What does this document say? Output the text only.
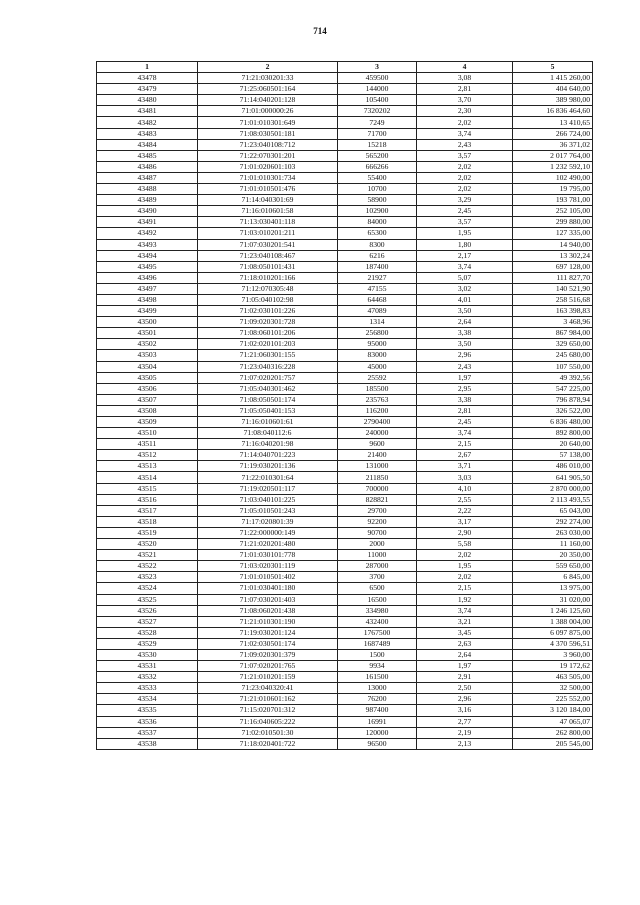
714
1	2	3	4	5
43478	71:21:030201:33	459500	3,08	1 415 260,00
43479	71:25:060501:164	144000	2,81	404 640,00
43480	71:14:040201:128	105400	3,70	389 980,00
43481	71:01:000000:26	7320202	2,30	16 836 464,60
43482	71:01:010301:649	7249	2,02	13 410,65
43483	71:08:030501:181	71700	3,74	266 724,00
43484	71:23:040108:712	15218	2,43	36 371,02
43485	71:22:070301:201	565200	3,57	2 017 764,00
43486	71:01:020601:103	666266	2,02	1 232 592,10
43487	71:01:010301:734	55400	2,02	102 490,00
43488	71:01:010501:476	10700	2,02	19 795,00
43489	71:14:040301:69	58900	3,29	193 781,00
43490	71:16:010601:58	102900	2,45	252 105,00
43491	71:13:030401:118	84000	3,57	299 880,00
43492	71:03:010201:211	65300	1,95	127 335,00
43493	71:07:030201:541	8300	1,80	14 940,00
43494	71:23:040108:467	6216	2,17	13 302,24
43495	71:08:050101:431	187400	3,74	697 128,00
43496	71:18:010201:166	21927	5,07	111 827,70
43497	71:12:070305:48	47155	3,02	140 521,90
43498	71:05:040102:98	64468	4,01	258 516,68
43499	71:02:030101:226	47089	3,50	163 398,83
43500	71:09:020301:728	1314	2,64	3 468,96
43501	71:08:060101:206	256800	3,38	867 984,00
43502	71:02:020101:203	95000	3,50	329 650,00
43503	71:21:060301:155	83000	2,96	245 680,00
43504	71:23:040316:228	45000	2,43	107 550,00
43505	71:07:020201:757	25592	1,97	49 392,56
43506	71:05:040301:462	185500	2,95	547 225,00
43507	71:08:050501:174	235763	3,38	796 878,94
43508	71:05:050401:153	116200	2,81	326 522,00
43509	71:16:010601:61	2790400	2,45	6 836 480,00
43510	71:08:040112:6	240000	3,74	892 800,00
43511	71:16:040201:98	9600	2,15	20 640,00
43512	71:14:040701:223	21400	2,67	57 138,00
43513	71:19:030201:136	131000	3,71	486 010,00
43514	71:22:010301:64	211850	3,03	641 905,50
43515	71:19:020501:117	700000	4,10	2 870 000,00
43516	71:03:040101:225	828821	2,55	2 113 493,55
43517	71:05:010501:243	29700	2,22	65 043,00
43518	71:17:020801:39	92200	3,17	292 274,00
43519	71:22:000000:149	90700	2,90	263 030,00
43520	71:21:020201:480	2000	5,58	11 160,00
43521	71:01:030101:778	11000	2,02	20 350,00
43522	71:03:020301:119	287000	1,95	559 650,00
43523	71:01:010501:402	3700	2,02	6 845,00
43524	71:01:030401:180	6500	2,15	13 975,00
43525	71:07:030201:403	16500	1,92	31 020,00
43526	71:08:060201:438	334980	3,74	1 246 125,60
43527	71:21:010301:190	432400	3,21	1 388 004,00
43528	71:19:030201:124	1767500	3,45	6 097 875,00
43529	71:02:030501:174	1687489	2,63	4 370 596,51
43530	71:09:020301:379	1500	2,64	3 960,00
43531	71:07:020201:765	9934	1,97	19 172,62
43532	71:21:010201:159	161500	2,91	463 505,00
43533	71:23:040320:41	13000	2,50	32 500,00
43534	71:21:010601:162	76200	2,96	225 552,00
43535	71:15:020701:312	987400	3,16	3 120 184,00
43536	71:16:040605:222	16991	2,77	47 065,07
43537	71:02:010501:30	120000	2,19	262 800,00
43538	71:18:020401:722	96500	2,13	205 545,00
